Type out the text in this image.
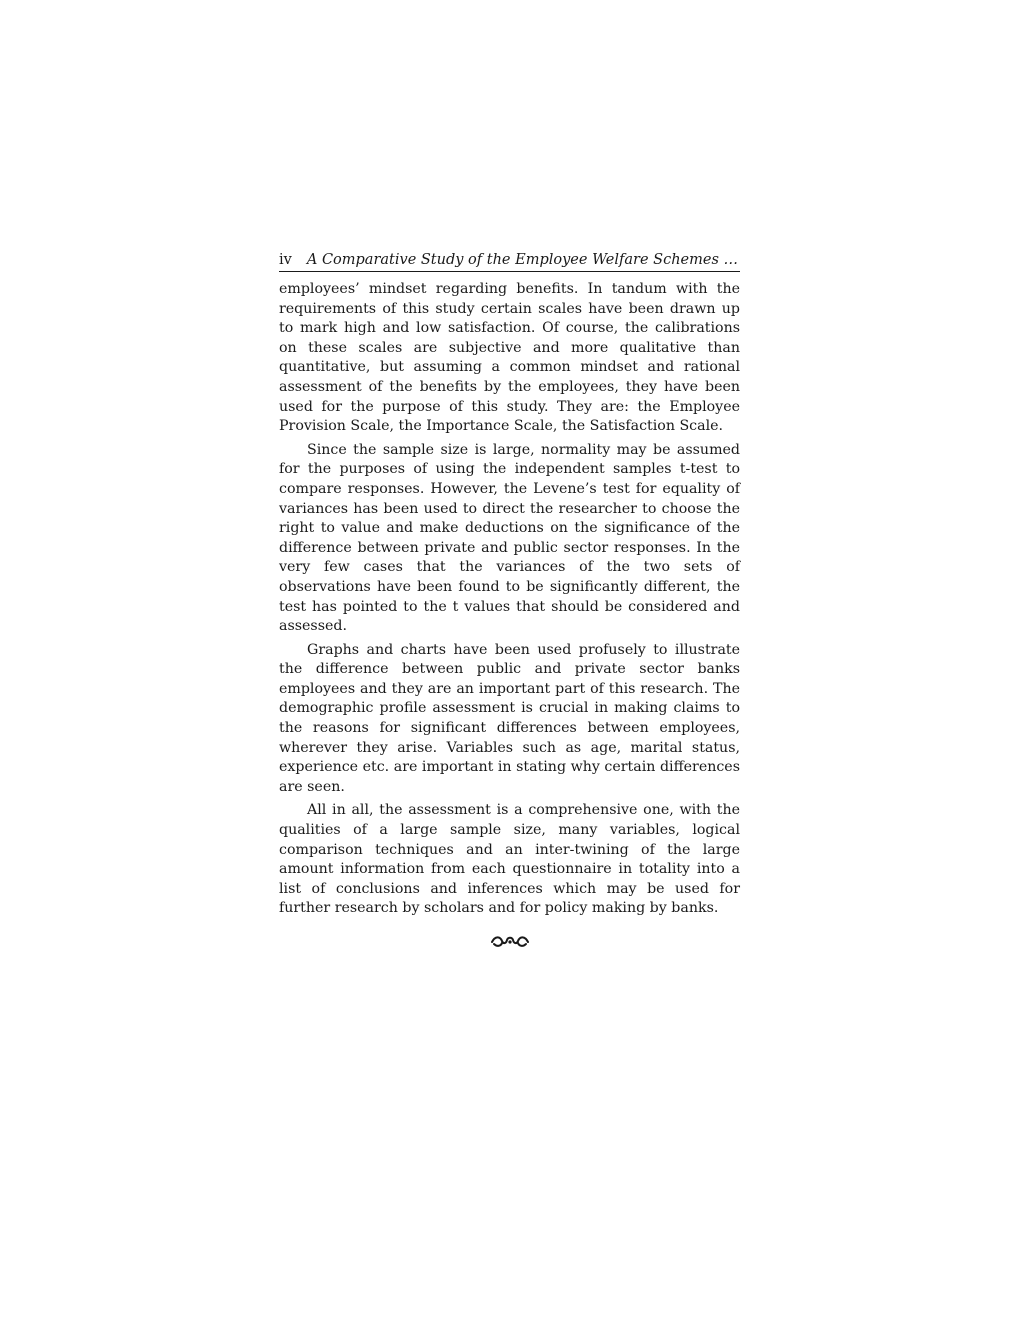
iv A Comparative Study of the Employee Welfare Schemes …

employees’ mindset regarding benefits. In tandum with the requirements of this study certain scales have been drawn up to mark high and low satisfaction. Of course, the calibrations on these scales are subjective and more qualitative than quantitative, but assuming a common mindset and rational assessment of the benefits by the employees, they have been used for the purpose of this study. They are: the Employee Provision Scale, the Importance Scale, the Satisfaction Scale.

Since the sample size is large, normality may be assumed for the purposes of using the independent samples t-test to compare responses. However, the Levene’s test for equality of variances has been used to direct the researcher to choose the right to value and make deductions on the significance of the difference between private and public sector responses. In the very few cases that the variances of the two sets of observations have been found to be significantly different, the test has pointed to the t values that should be considered and assessed.

Graphs and charts have been used profusely to illustrate the difference between public and private sector banks employees and they are an important part of this research. The demographic profile assessment is crucial in making claims to the reasons for significant differences between employees, wherever they arise. Variables such as age, marital status, experience etc. are important in stating why certain differences are seen.

All in all, the assessment is a comprehensive one, with the qualities of a large sample size, many variables, logical comparison techniques and an inter-twining of the large amount information from each questionnaire in totality into a list of conclusions and inferences which may be used for further research by scholars and for policy making by banks.
